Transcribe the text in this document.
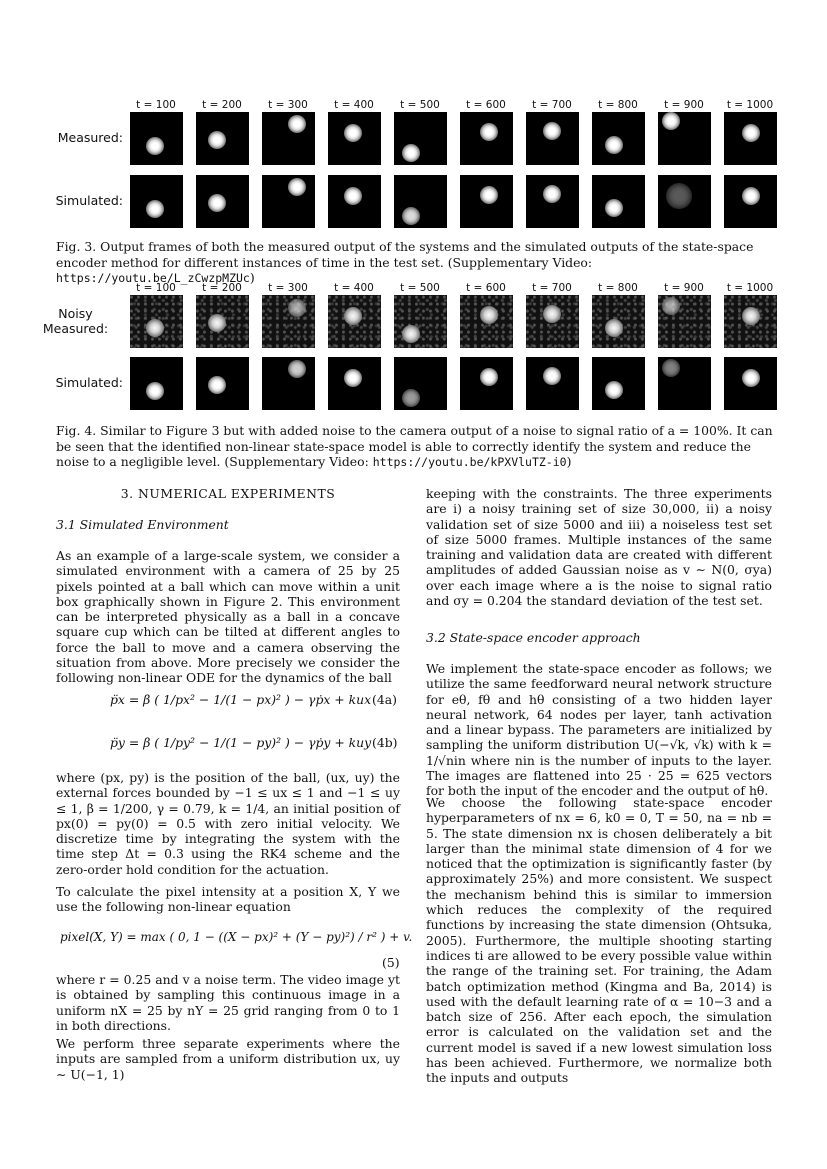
t = 100	t = 200	t = 300	t = 400	t = 500	t = 600	t = 700	t = 800	t = 900	t = 1000
Measured:
Simulated:
Fig. 3. Output frames of both the measured output of the systems and the simulated outputs of the state-space encoder method for different instances of time in the test set. (Supplementary Video: https://youtu.be/L_zCwzpMZUc)
t = 100	t = 200	t = 300	t = 400	t = 500	t = 600	t = 700	t = 800	t = 900	t = 1000
Noisy
Measured:
Simulated:
Fig. 4. Similar to Figure 3 but with added noise to the camera output of a noise to signal ratio of a = 100%. It can be seen that the identified non-linear state-space model is able to correctly identify the system and reduce the noise to a negligible level. (Supplementary Video: https://youtu.be/kPXVluTZ-i0)
3. NUMERICAL EXPERIMENTS
3.1 Simulated Environment
As an example of a large-scale system, we consider a simulated environment with a camera of 25 by 25 pixels pointed at a ball which can move within a unit box graphically shown in Figure 2. This environment can be interpreted physically as a ball in a concave square cup which can be tilted at different angles to force the ball to move and a camera observing the situation from above. More precisely we consider the following non-linear ODE for the dynamics of the ball
p̈x = β ( 1/px² − 1/(1 − px)² ) − γṗx + kux (4a)
p̈y = β ( 1/py² − 1/(1 − py)² ) − γṗy + kuy (4b)
where (px, py) is the position of the ball, (ux, uy) the external forces bounded by −1 ≤ ux ≤ 1 and −1 ≤ uy ≤ 1, β = 1/200, γ = 0.79, k = 1/4, an initial position of px(0) = py(0) = 0.5 with zero initial velocity. We discretize time by integrating the system with the time step Δt = 0.3 using the RK4 scheme and the zero-order hold condition for the actuation.
To calculate the pixel intensity at a position X, Y we use the following non-linear equation
pixel(X, Y) = max ( 0, 1 − ((X − px)² + (Y − py)²) / r² ) + v.
(5)
where r = 0.25 and v a noise term. The video image yt is obtained by sampling this continuous image in a uniform nX = 25 by nY = 25 grid ranging from 0 to 1 in both directions.
We perform three separate experiments where the inputs are sampled from a uniform distribution ux, uy ∼ U(−1, 1)
keeping with the constraints. The three experiments are i) a noisy training set of size 30,000, ii) a noisy validation set of size 5000 and iii) a noiseless test set of size 5000 frames. Multiple instances of the same training and validation data are created with different amplitudes of added Gaussian noise as v ∼ N(0, σya) over each image where a is the noise to signal ratio and σy = 0.204 the standard deviation of the test set.
3.2 State-space encoder approach
We implement the state-space encoder as follows; we utilize the same feedforward neural network structure for eθ, fθ and hθ consisting of a two hidden layer neural network, 64 nodes per layer, tanh activation and a linear bypass. The parameters are initialized by sampling the uniform distribution U(−√k, √k) with k = 1/√nin where nin is the number of inputs to the layer. The images are flattened into 25 · 25 = 625 vectors for both the input of the encoder and the output of hθ.
We choose the following state-space encoder hyperparameters of nx = 6, k0 = 0, T = 50, na = nb = 5. The state dimension nx is chosen deliberately a bit larger than the minimal state dimension of 4 for we noticed that the optimization is significantly faster (by approximately 25%) and more consistent. We suspect the mechanism behind this is similar to immersion which reduces the complexity of the required functions by increasing the state dimension (Ohtsuka, 2005). Furthermore, the multiple shooting starting indices ti are allowed to be every possible value within the range of the training set. For training, the Adam batch optimization method (Kingma and Ba, 2014) is used with the default learning rate of α = 10−3 and a batch size of 256. After each epoch, the simulation error is calculated on the validation set and the current model is saved if a new lowest simulation loss has been achieved. Furthermore, we normalize both the inputs and outputs
